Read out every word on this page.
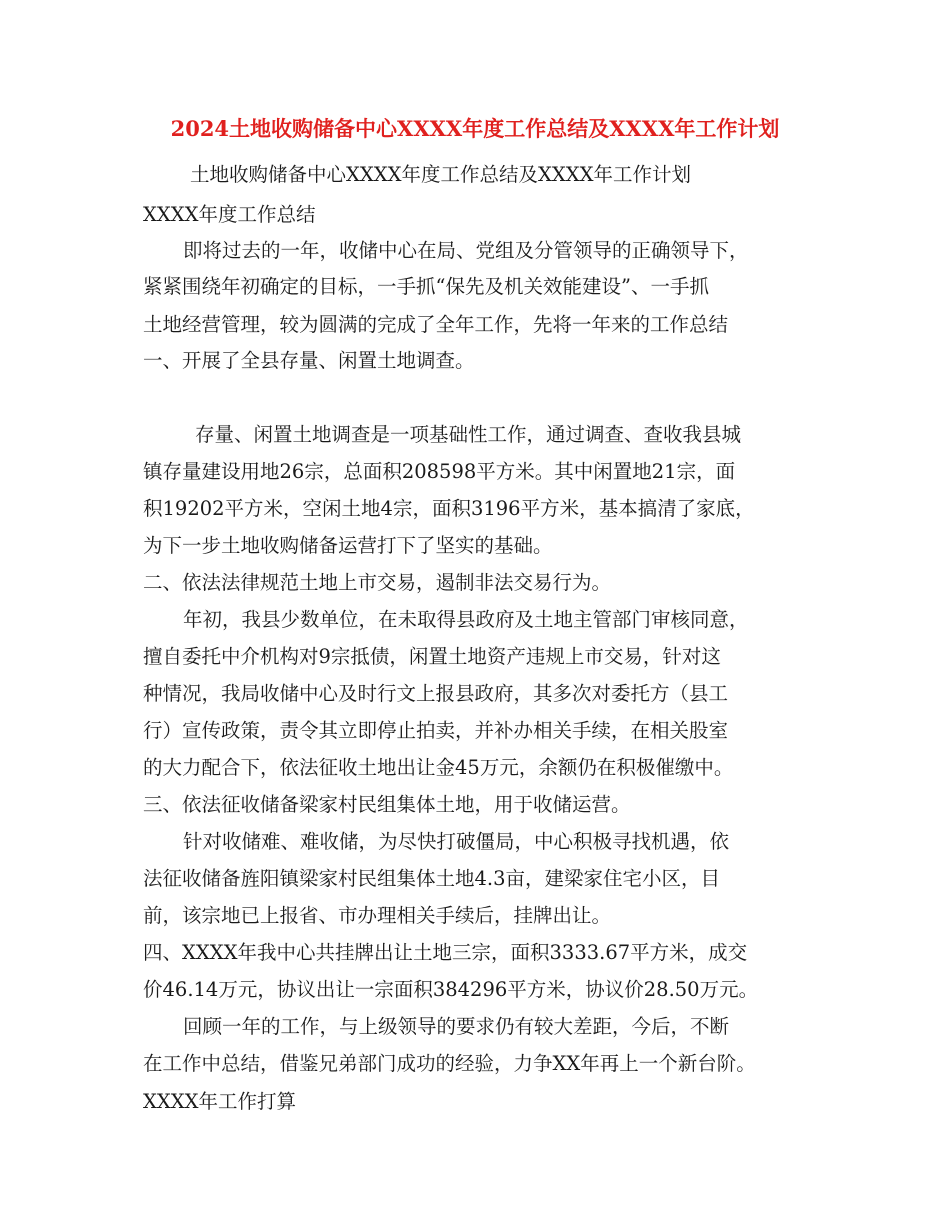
2024土地收购储备中心XXXX年度工作总结及XXXX年工作计划
土地收购储备中心XXXX年度工作总结及XXXX年工作计划
XXXX年度工作总结
即将过去的一年，收储中心在局、党组及分管领导的正确领导下，
紧紧围绕年初确定的目标，一手抓“保先及机关效能建设”、一手抓
土地经营管理，较为圆满的完成了全年工作，先将一年来的工作总结
一、开展了全县存量、闲置土地调查。
存量、闲置土地调查是一项基础性工作，通过调查、查收我县城
镇存量建设用地26宗，总面积208598平方米。其中闲置地21宗，面
积19202平方米，空闲土地4宗，面积3196平方米，基本搞清了家底，
为下一步土地收购储备运营打下了坚实的基础。
二、依法法律规范土地上市交易，遏制非法交易行为。
年初，我县少数单位，在未取得县政府及土地主管部门审核同意，
擅自委托中介机构对9宗抵债，闲置土地资产违规上市交易，针对这
种情况，我局收储中心及时行文上报县政府，其多次对委托方（县工
行）宣传政策，责令其立即停止拍卖，并补办相关手续，在相关股室
的大力配合下，依法征收土地出让金45万元，余额仍在积极催缴中。
三、依法征收储备梁家村民组集体土地，用于收储运营。
针对收储难、难收储，为尽快打破僵局，中心积极寻找机遇，依
法征收储备旌阳镇梁家村民组集体土地4.3亩，建梁家住宅小区，目
前，该宗地已上报省、市办理相关手续后，挂牌出让。
四、XXXX年我中心共挂牌出让土地三宗，面积3333.67平方米，成交
价46.14万元，协议出让一宗面积384296平方米，协议价28.50万元。
回顾一年的工作，与上级领导的要求仍有较大差距，今后，不断
在工作中总结，借鉴兄弟部门成功的经验，力争XX年再上一个新台阶。
XXXX年工作打算
